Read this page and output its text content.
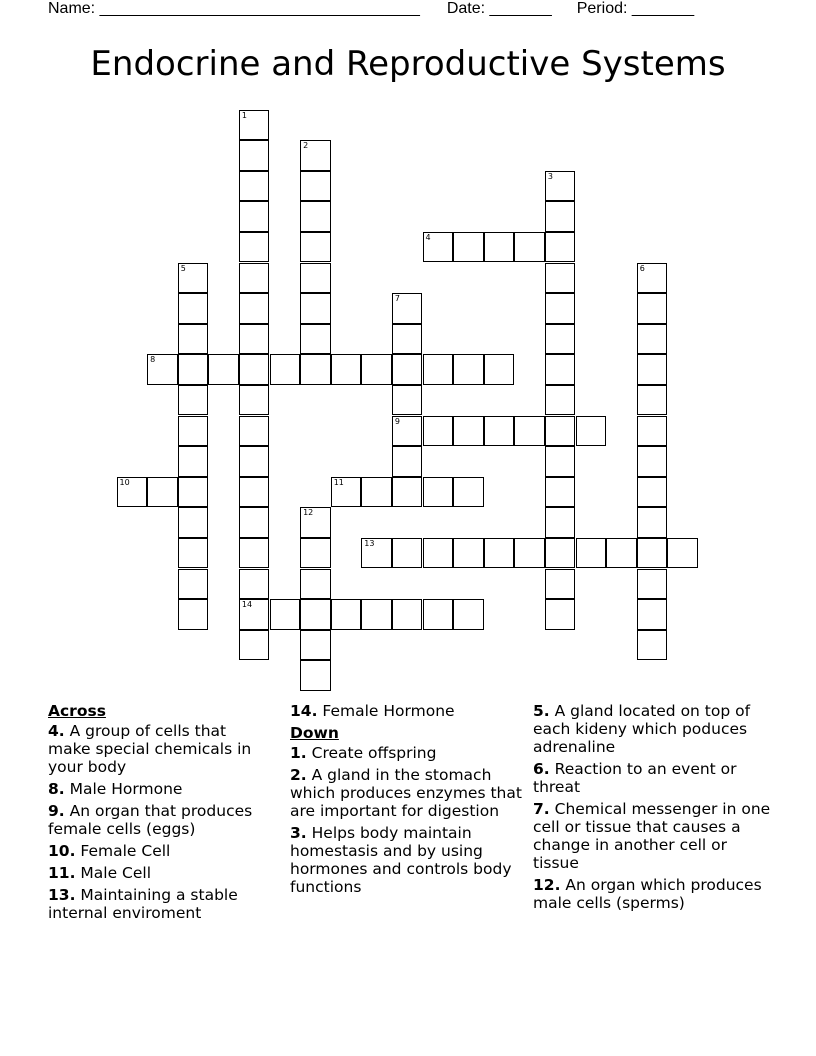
Name: ____________________________________ Date: _______ Period: _______
Endocrine and Reproductive Systems
1
14
2
3
4
5	6
7
9
8
10	11
12
13
Across
4. A group of cells that make special chemicals in your body
8. Male Hormone
9. An organ that produces female cells (eggs)
10. Female Cell
11. Male Cell
13. Maintaining a stable internal enviroment
14. Female Hormone
Down
1. Create offspring
2. A gland in the stomach which produces enzymes that are important for digestion
3. Helps body maintain homestasis and by using hormones and controls body functions
5. A gland located on top of each kideny which poduces adrenaline
6. Reaction to an event or threat
7. Chemical messenger in one cell or tissue that causes a change in another cell or tissue
12. An organ which produces male cells (sperms)
